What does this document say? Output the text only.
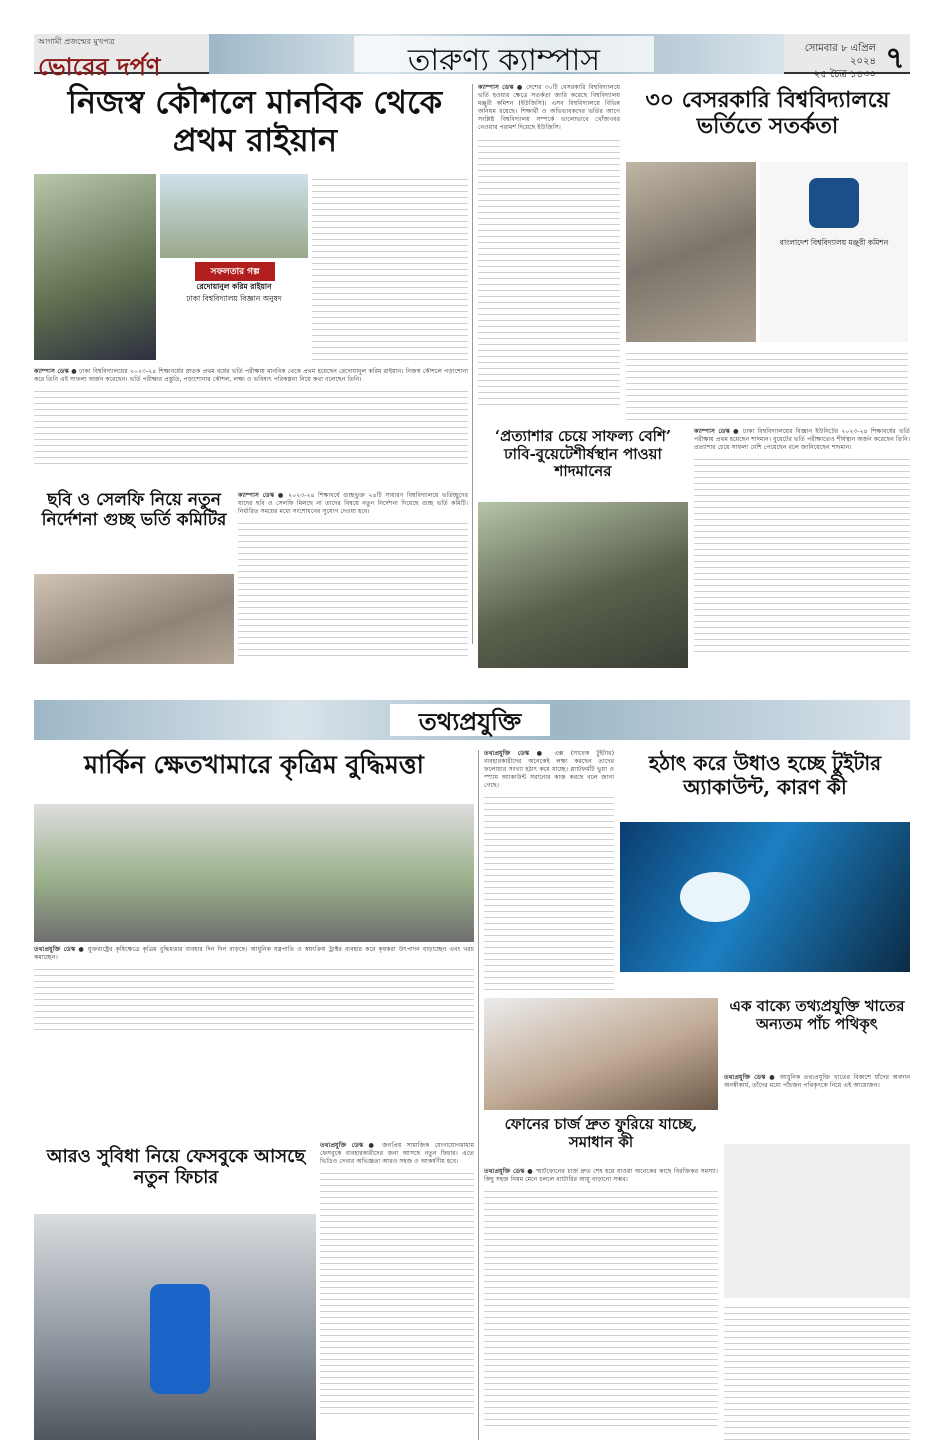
আগামী প্রজন্মের মুখপত্র
ভোরের দর্পণ	তারুণ্য ক্যাম্পাস	সোমবার ৮ এপ্রিল ২০২৪
২৫ চৈত্র ১৪৩০ ৭
নিজস্ব কৌশলে মানবিক থেকে প্রথম রাইয়ান
সফলতার গল্প
রেদোয়ানুল করিম রাইয়ান
ঢাকা বিশ্ববিদ্যালয় বিজ্ঞান অনুষদ

ক্যাম্পাস ডেস্ক ● ঢাকা বিশ্ববিদ্যালয়ের ২০২৩-২৪ শিক্ষাবর্ষের স্নাতক প্রথম বর্ষের ভর্তি পরীক্ষায় মানবিক থেকে প্রথম হয়েছেন রেদোয়ানুল করিম রাইয়ান। নিজস্ব কৌশলে পড়াশোনা করে তিনি এই সাফল্য অর্জন করেছেন। ভর্তি পরীক্ষার প্রস্তুতি, পড়াশোনার কৌশল, লক্ষ্য ও ভবিষ্যৎ পরিকল্পনা নিয়ে কথা বলেছেন তিনি।

৩০ বেসরকারি বিশ্ববিদ্যালয়ে ভর্তিতে সতর্কতা

ক্যাম্পাস ডেস্ক ● দেশের ৩০টি বেসরকারি বিশ্ববিদ্যালয়ে ভর্তি হওয়ার ক্ষেত্রে সতর্কতা জারি করেছে বিশ্ববিদ্যালয় মঞ্জুরী কমিশন (ইউজিসি)। এসব বিশ্ববিদ্যালয়ে বিভিন্ন অনিয়ম রয়েছে। শিক্ষার্থী ও অভিভাবকদের ভর্তির আগে সংশ্লিষ্ট বিশ্ববিদ্যালয় সম্পর্কে ভালোভাবে খোঁজখবর নেওয়ার পরামর্শ দিয়েছে ইউজিসি।

বাংলাদেশ বিশ্ববিদ্যালয় মঞ্জুরী কমিশন
ছবি ও সেলফি নিয়ে নতুন নির্দেশনা গুচ্ছ ভর্তি কমিটির

ক্যাম্পাস ডেস্ক ● ২০২৩-২৪ শিক্ষাবর্ষে গুচ্ছভুক্ত ২৪টি সাধারণ বিশ্ববিদ্যালয়ে ভর্তিচ্ছুদের যাদের ছবি ও সেলফি মিলছে না তাদের বিষয়ে নতুন নির্দেশনা দিয়েছে গুচ্ছ ভর্তি কমিটি। নির্ধারিত সময়ের মধ্যে সংশোধনের সুযোগ দেওয়া হবে।

‘প্রত্যাশার চেয়ে সাফল্য বেশি’ ঢাবি-বুয়েটেশীর্ষস্থান পাওয়া শাদমানের

ক্যাম্পাস ডেস্ক ● ঢাকা বিশ্ববিদ্যালয়ের বিজ্ঞান ইউনিটের ২০২৩-২৪ শিক্ষাবর্ষের ভর্তি পরীক্ষায় প্রথম হয়েছেন শাদমান। বুয়েটের ভর্তি পরীক্ষাতেও শীর্ষস্থান অর্জন করেছেন তিনি। প্রত্যাশার চেয়ে সাফল্য বেশি পেয়েছেন বলে জানিয়েছেন শাদমান।

তথ্যপ্রযুক্তি
মার্কিন ক্ষেতখামারে কৃত্রিম বুদ্ধিমত্তা

তথ্যপ্রযুক্তি ডেস্ক ● যুক্তরাষ্ট্রের কৃষিক্ষেত্রে কৃত্রিম বুদ্ধিমত্তার ব্যবহার দিন দিন বাড়ছে। আধুনিক যন্ত্রপাতি ও স্বয়ংক্রিয় ট্রাক্টর ব্যবহার করে কৃষকরা উৎপাদন বাড়াচ্ছেন এবং খরচ কমাচ্ছেন।

হঠাৎ করে উধাও হচ্ছে টুইটার অ্যাকাউন্ট, কারণ কী

তথ্যপ্রযুক্তি ডেস্ক ● এক্স (সাবেক টুইটার) ব্যবহারকারীদের অনেকেই লক্ষ্য করছেন তাদের ফলোয়ার সংখ্যা হঠাৎ কমে যাচ্ছে। প্ল্যাটফর্মটি ভুয়া ও স্প্যাম অ্যাকাউন্ট সরানোর কাজ করছে বলে জানা গেছে।

এক বাক্যে তথ্যপ্রযুক্তি খাতের অন্যতম পাঁচ পথিকৃৎ

তথ্যপ্রযুক্তি ডেস্ক ● আধুনিক তথ্যপ্রযুক্তি খাতের বিকাশে যাঁদের অবদান অনস্বীকার্য, তাঁদের মধ্যে পাঁচজন পথিকৃৎকে নিয়ে এই আয়োজন।

ফোনের চার্জ দ্রুত ফুরিয়ে যাচ্ছে, সমাধান কী

তথ্যপ্রযুক্তি ডেস্ক ● স্মার্টফোনের চার্জ দ্রুত শেষ হয়ে যাওয়া অনেকের কাছে বিরক্তিকর সমস্যা। কিছু সহজ নিয়ম মেনে চললে ব্যাটারির আয়ু বাড়ানো সম্ভব।

আরও সুবিধা নিয়ে ফেসবুকে আসছে নতুন ফিচার

তথ্যপ্রযুক্তি ডেস্ক ● জনপ্রিয় সামাজিক যোগাযোগমাধ্যম ফেসবুকে ব্যবহারকারীদের জন্য আসছে নতুন ফিচার। এতে ভিডিও দেখার অভিজ্ঞতা আরও সহজ ও আকর্ষণীয় হবে।
